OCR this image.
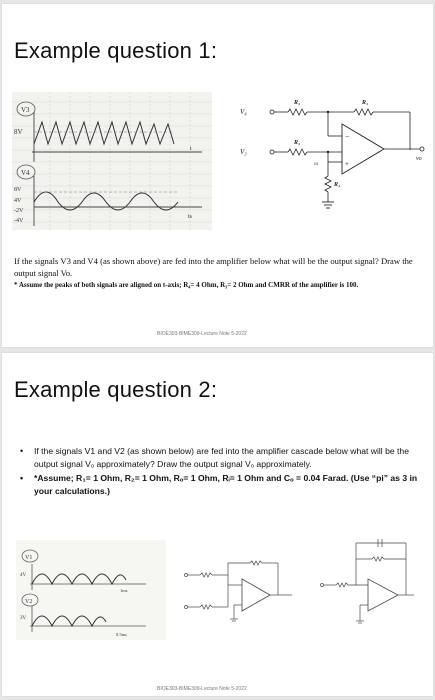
Example question 1:
V3
8V
t
V4
8V
4V
-2V
-4V
ts
V₄
R₃	R₄
−
+
vo
V₃
R₃
vs
R₄
If the signals V3 and V4 (as shown above) are fed into the amplifier below what will be the output signal? Draw the output signal Vo.
* Assume the peaks of both signals are aligned on t-axis; R₄= 4 Ohm, R₃= 2 Ohm and CMRR of the amplifier is 100.
BIOE303-BIME309-Lecture Note 5-2022
Example question 2:
• If the signals V1 and V2 (as shown below) are fed into the amplifier cascade below what will be the output signal Vₒ approximately? Draw the output signal Vₒ approximately.
• *Assume; R₁= 1 Ohm, R₂= 1 Ohm, Rₒ= 1 Ohm, Rᵢ= 1 Ohm and Cₒ = 0.04 Farad. (Use “pi” as 3 in your calculations.)
V1
4V
1ms
V2
3V
0.5ms
BIOE303-BIME309-Lecture Note 5-2022
